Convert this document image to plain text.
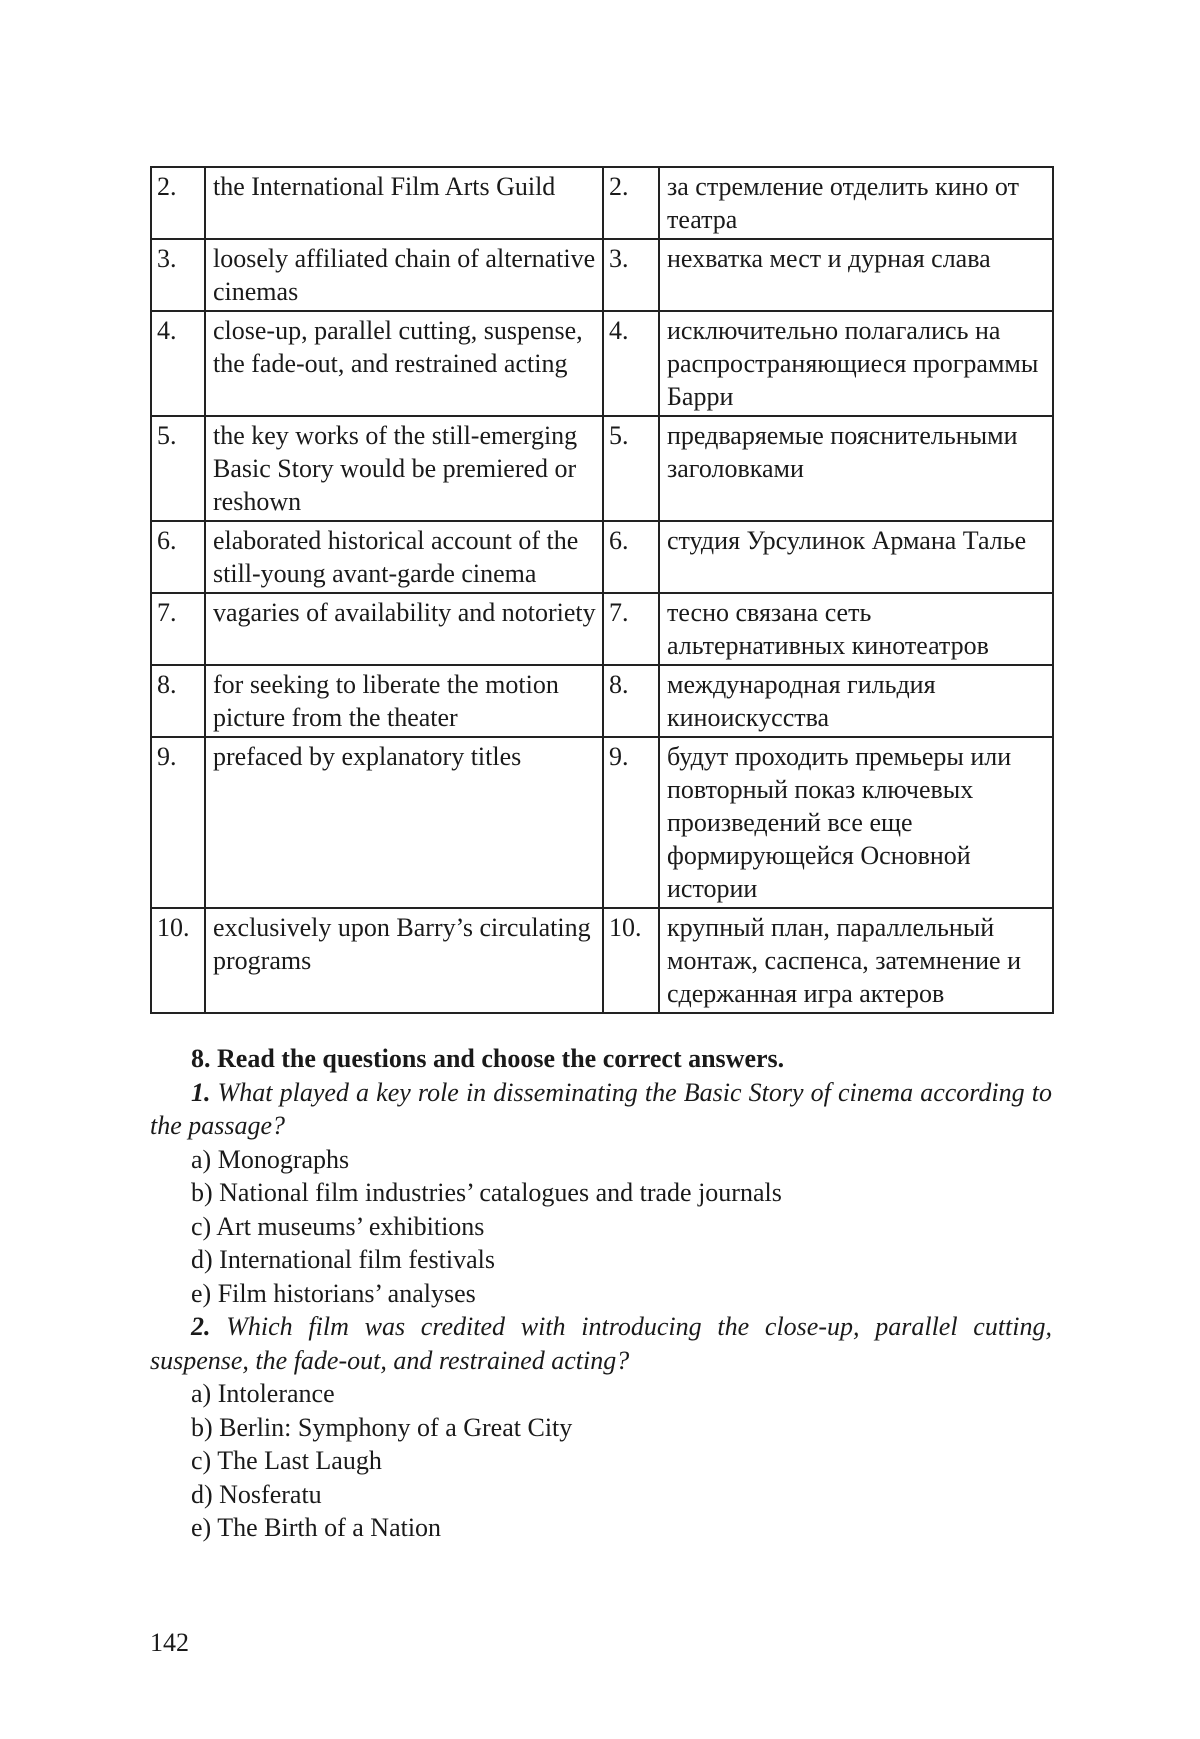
2.	the International Film Arts Guild	2.	за стремление отделить кино от театра
3.	loosely affiliated chain of alternative cinemas	3.	нехватка мест и дурная слава
4.	close-up, parallel cutting, suspense, the fade-out, and restrained acting	4.	исключительно полагались на распространяющиеся программы Барри
5.	the key works of the still-emerging Basic Story would be premiered or reshown	5.	предваряемые пояснительными заголовками
6.	elaborated historical account of the still-young avant-garde cinema	6.	студия Урсулинок Армана Талье
7.	vagaries of availability and notoriety	7.	тесно связана сеть альтернативных кинотеатров
8.	for seeking to liberate the motion picture from the theater	8.	международная гильдия киноискусства
9.	prefaced by explanatory titles	9.	будут проходить премьеры или повторный показ ключевых произведений все еще формирующейся Основной истории
10.	exclusively upon Barry’s circulating programs	10.	крупный план, параллельный монтаж, саспенса, затемнение и сдержанная игра актеров

8. Read the questions and choose the correct answers.

1. What played a key role in disseminating the Basic Story of cinema according to the passage?

a) Monographs

b) National film industries’ catalogues and trade journals

c) Art museums’ exhibitions

d) International film festivals

e) Film historians’ analyses

2. Which film was credited with introducing the close-up, parallel cutting, suspense, the fade-out, and restrained acting?

a) Intolerance

b) Berlin: Symphony of a Great City

c) The Last Laugh

d) Nosferatu

e) The Birth of a Nation

142
